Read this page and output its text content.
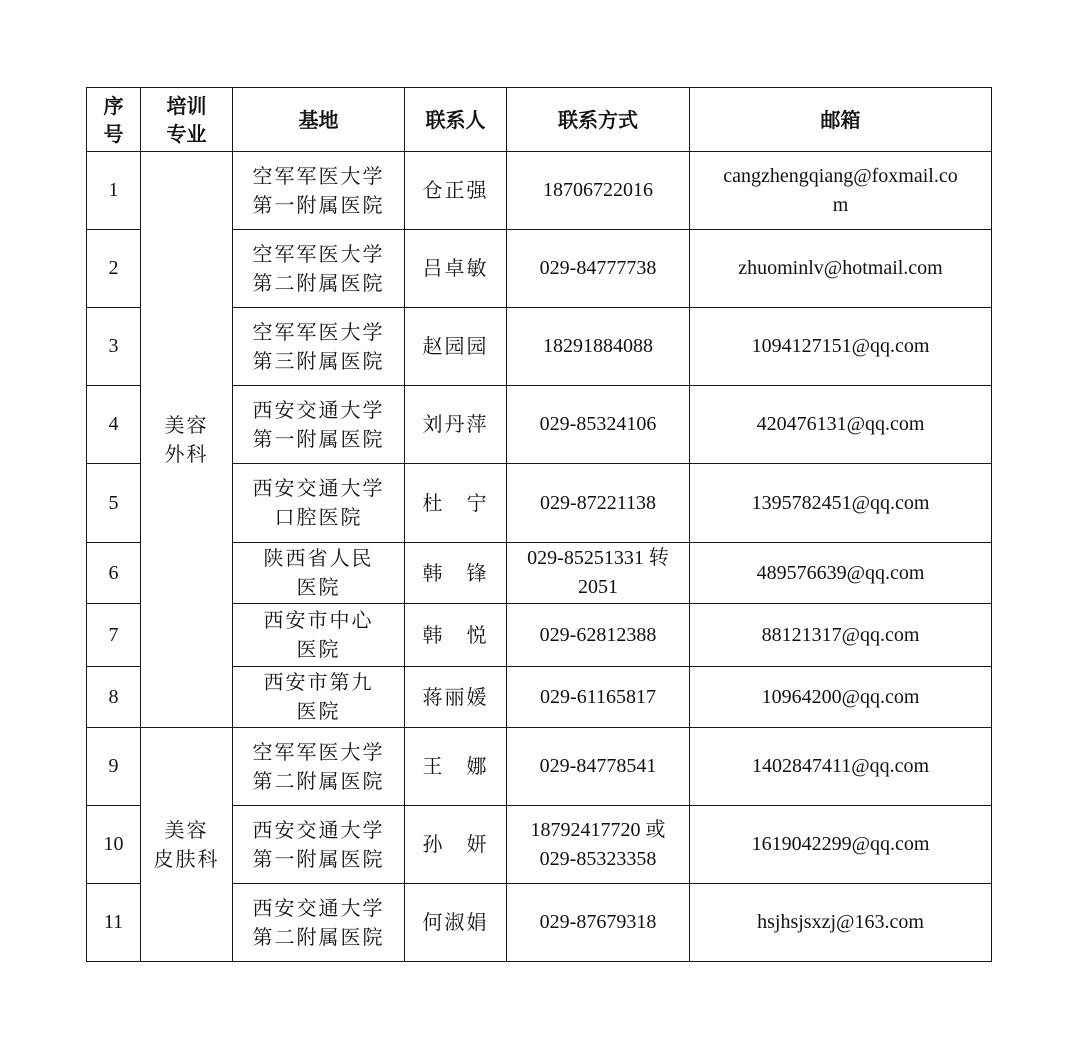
序
号	培训
专业	基地	联系人	联系方式	邮箱
1	美容
外科	空军军医大学
第一附属医院	仓正强	18706722016	cangzhengqiang@foxmail.co
m

2		空军军医大学
第二附属医院	吕卓敏	029-84777738	zhuominlv@hotmail.com

3		空军军医大学
第三附属医院	赵园园	18291884088	1094127151@qq.com

4		西安交通大学
第一附属医院	刘丹萍	029-85324106	420476131@qq.com

5		西安交通大学
口腔医院	杜　宁	029-87221138	1395782451@qq.com

6		陕西省人民
医院	韩　锋	029-85251331 转
2051	489576639@qq.com

7		西安市中心
医院	韩　悦	029-62812388	88121317@qq.com

8		西安市第九
医院	蒋丽媛	029-61165817	10964200@qq.com

9	美容
皮肤科	空军军医大学
第二附属医院	王　娜	029-84778541	1402847411@qq.com

10		西安交通大学
第一附属医院	孙　妍	18792417720 或
029-85323358	1619042299@qq.com

11		西安交通大学
第二附属医院	何淑娟	029-87679318	hsjhsjsxzj@163.com
